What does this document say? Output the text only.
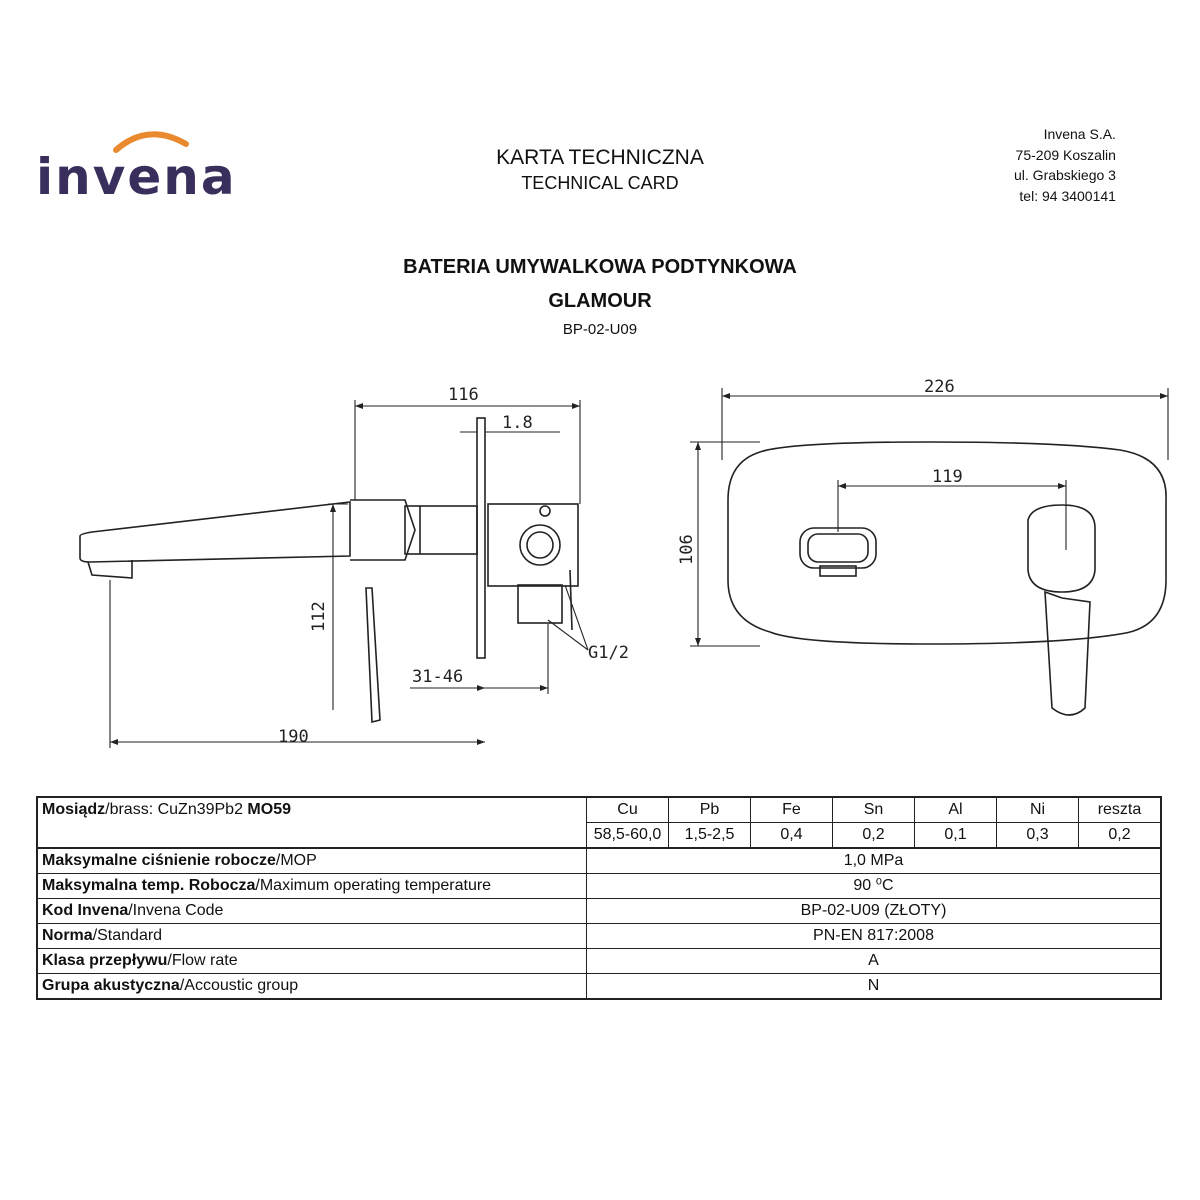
invena	KARTA TECHNICZNA
TECHNICAL CARD
Invena S.A.
75-209 Koszalin
ul. Grabskiego 3
tel: 94 3400141
BATERIA UMYWALKOWA PODTYNKOWA
GLAMOUR
BP-02-U09
116
1.8
112
31-46
190
G1/2
226
119
106
Mosiądz/brass: CuZn39Pb2 MO59	Cu	Pb	Fe	Sn	Al	Ni	reszta
	58,5-60,0	1,5-2,5	0,4	0,2	0,1	0,3	0,2
Maksymalne ciśnienie robocze/MOP	1,0 MPa						
Maksymalna temp. Robocza/Maximum operating temperature	90 ⁰C						
Kod Invena/Invena Code	BP-02-U09 (ZŁOTY)						
Norma/Standard	PN-EN 817:2008						
Klasa przepływu/Flow rate	A						
Grupa akustyczna/Accoustic group	N						
